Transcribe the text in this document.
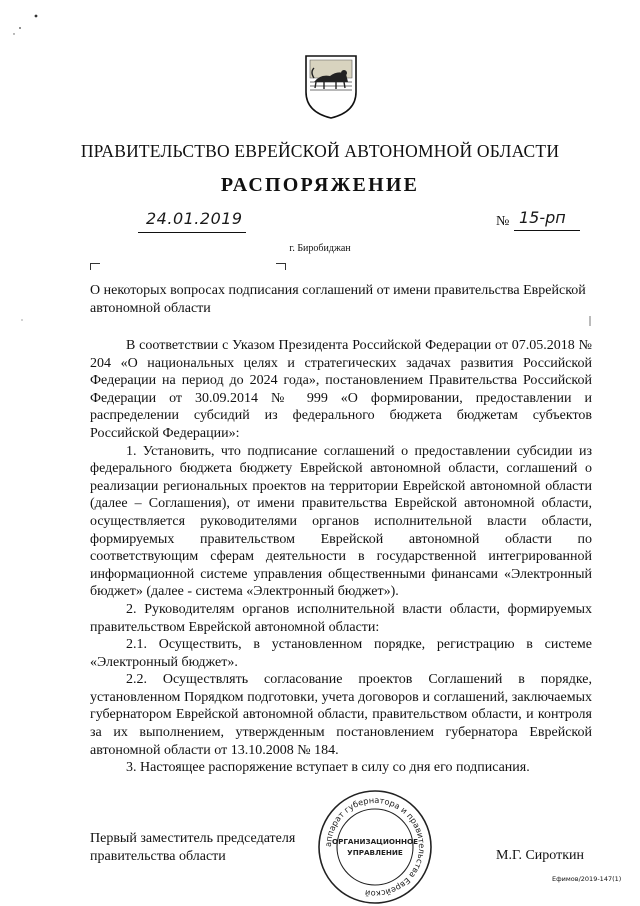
ПРАВИТЕЛЬСТВО ЕВРЕЙСКОЙ АВТОНОМНОЙ ОБЛАСТИ
РАСПОРЯЖЕНИЕ
24.01.2019	№ 15-рп
г. Биробиджан
О некоторых вопросах подписания соглашений от имени правительства Еврейской автономной области

В соответствии с Указом Президента Российской Федерации от 07.05.2018 № 204 «О национальных целях и стратегических задачах развития Российской Федерации на период до 2024 года», постановлением Правительства Российской Федерации от 30.09.2014 № 999 «О формировании, предоставлении и распределении субсидий из федерального бюджета бюджетам субъектов Российской Федерации»:

1. Установить, что подписание соглашений о предоставлении субсидии из федерального бюджета бюджету Еврейской автономной области, соглашений о реализации региональных проектов на территории Еврейской автономной области (далее – Соглашения), от имени правительства Еврейской автономной области, осуществляется руководителями органов исполнительной власти области, формируемых правительством Еврейской автономной области по соответствующим сферам деятельности в государственной интегрированной информационной системе управления общественными финансами «Электронный бюджет» (далее - система «Электронный бюджет»).

2. Руководителям органов исполнительной власти области, формируемых правительством Еврейской автономной области:

2.1. Осуществить, в установленном порядке, регистрацию в системе «Электронный бюджет».

2.2. Осуществлять согласование проектов Соглашений в порядке, установленном Порядком подготовки, учета договоров и соглашений, заключаемых губернатором Еврейской автономной области, правительством области, и контроля за их выполнением, утвержденным постановлением губернатора Еврейской автономной области от 13.10.2008 № 184.

3. Настоящее распоряжение вступает в силу со дня его подписания.

аппарат губернатора и правительства Еврейской
ОРГАНИЗАЦИОННОЕ
УПРАВЛЕНИЕ
Первый заместитель председателя
правительства области	М.Г. Сироткин
Ефимов/2019-147(1)
